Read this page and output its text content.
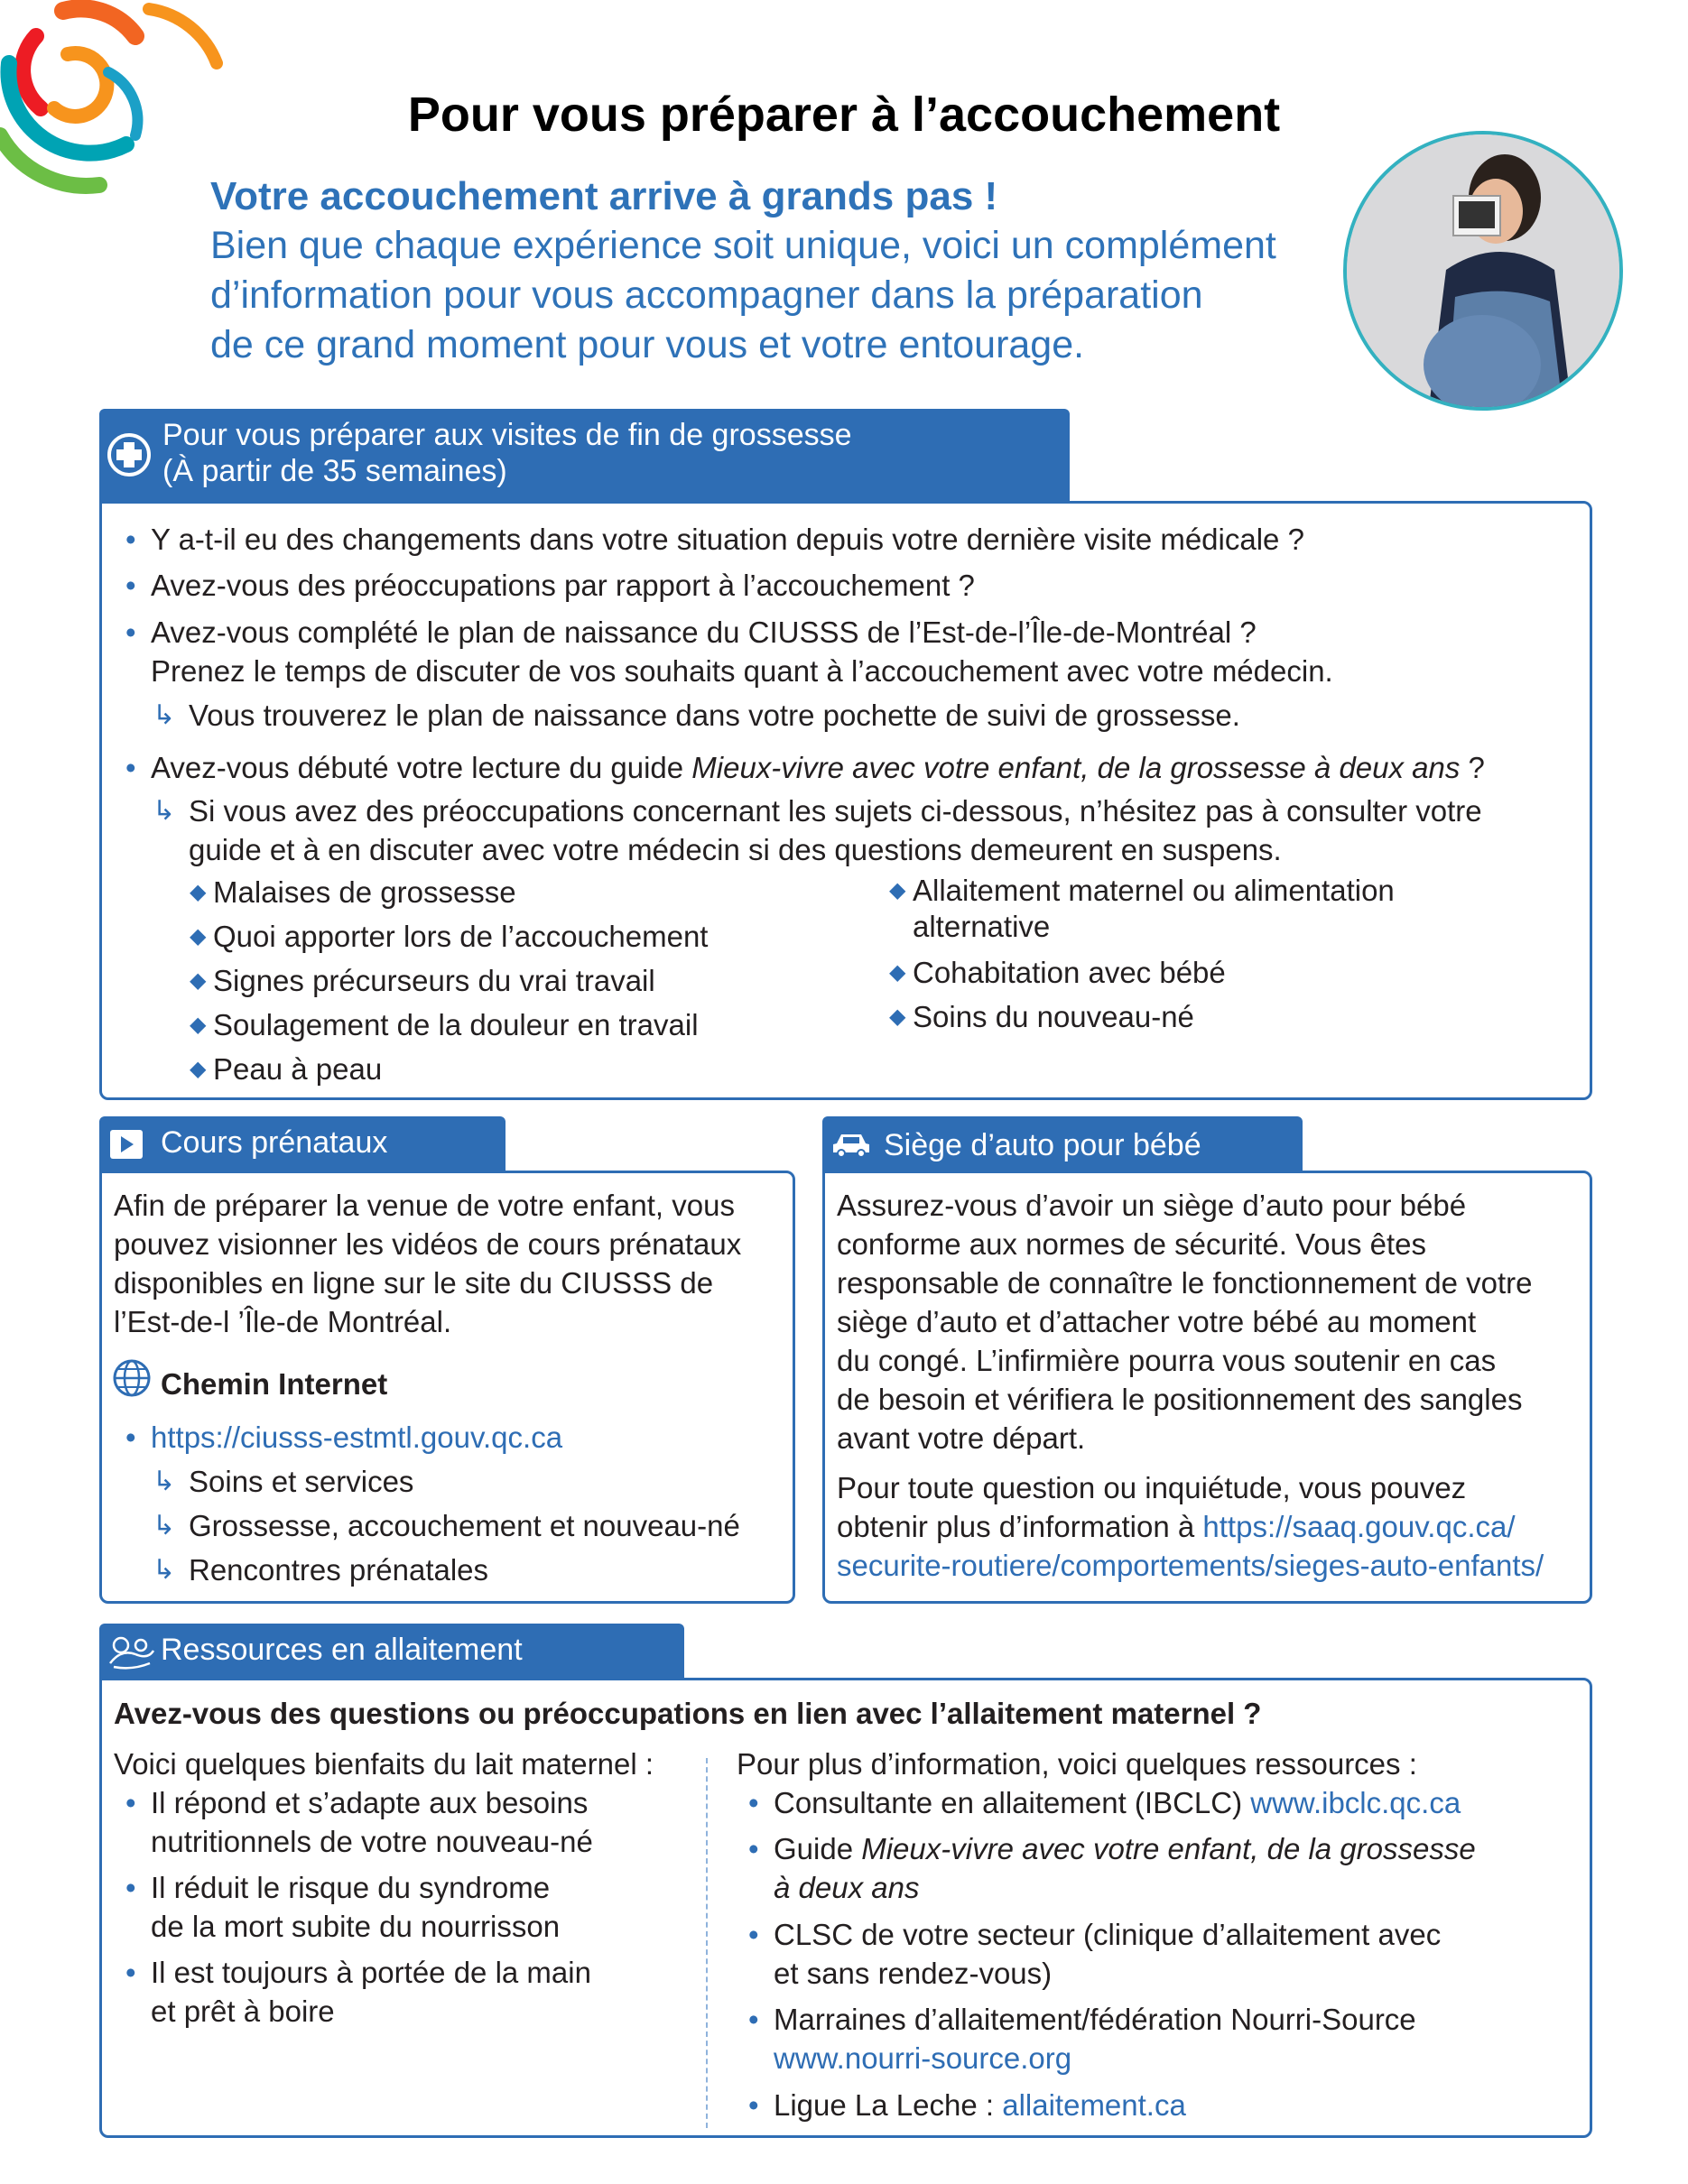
Pour vous préparer à l’accouchement
Votre accouchement arrive à grands pas !
Bien que chaque expérience soit unique, voici un complément
d’information pour vous accompagner dans la préparation
de ce grand moment pour vous et votre entourage.
Pour vous préparer aux visites de fin de grossesse
(À partir de 35 semaines)
• Y a-t-il eu des changements dans votre situation depuis votre dernière visite médicale ?
• Avez-vous des préoccupations par rapport à l’accouchement ?
• Avez-vous complété le plan de naissance du CIUSSS de l’Est-de-l’Île-de-Montréal ?
Prenez le temps de discuter de vos souhaits quant à l’accouchement avec votre médecin.
↳ Vous trouverez le plan de naissance dans votre pochette de suivi de grossesse.
• Avez-vous débuté votre lecture du guide Mieux-vivre avec votre enfant, de la grossesse à deux ans ?
↳ Si vous avez des préoccupations concernant les sujets ci-dessous, n’hésitez pas à consulter votre
guide et à en discuter avec votre médecin si des questions demeurent en suspens.
◆ Malaises de grossesse
◆ Quoi apporter lors de l’accouchement
◆ Signes précurseurs du vrai travail
◆ Soulagement de la douleur en travail
◆ Peau à peau
◆ Allaitement maternel ou alimentation
alternative
◆ Cohabitation avec bébé
◆ Soins du nouveau-né
Cours prénataux
Afin de préparer la venue de votre enfant, vous
pouvez visionner les vidéos de cours prénataux
disponibles en ligne sur le site du CIUSSS de
l’Est-de-l ’Île-de Montréal.
Chemin Internet
• https://ciusss-estmtl.gouv.qc.ca
↳ Soins et services
↳ Grossesse, accouchement et nouveau-né
↳ Rencontres prénatales
Siège d’auto pour bébé
Assurez-vous d’avoir un siège d’auto pour bébé
conforme aux normes de sécurité. Vous êtes
responsable de connaître le fonctionnement de votre
siège d’auto et d’attacher votre bébé au moment
du congé. L’infirmière pourra vous soutenir en cas
de besoin et vérifiera le positionnement des sangles
avant votre départ.
Pour toute question ou inquiétude, vous pouvez
obtenir plus d’information à https://saaq.gouv.qc.ca/
securite-routiere/comportements/sieges-auto-enfants/
Ressources en allaitement
Avez-vous des questions ou préoccupations en lien avec l’allaitement maternel ?
Voici quelques bienfaits du lait maternel :
• Il répond et s’adapte aux besoins
nutritionnels de votre nouveau-né
• Il réduit le risque du syndrome
de la mort subite du nourrisson
• Il est toujours à portée de la main
et prêt à boire
Pour plus d’information, voici quelques ressources :
• Consultante en allaitement (IBCLC) www.ibclc.qc.ca
• Guide Mieux-vivre avec votre enfant, de la grossesse
à deux ans
• CLSC de votre secteur (clinique d’allaitement avec
et sans rendez-vous)
• Marraines d’allaitement/fédération Nourri-Source
www.nourri-source.org
• Ligue La Leche : allaitement.ca
